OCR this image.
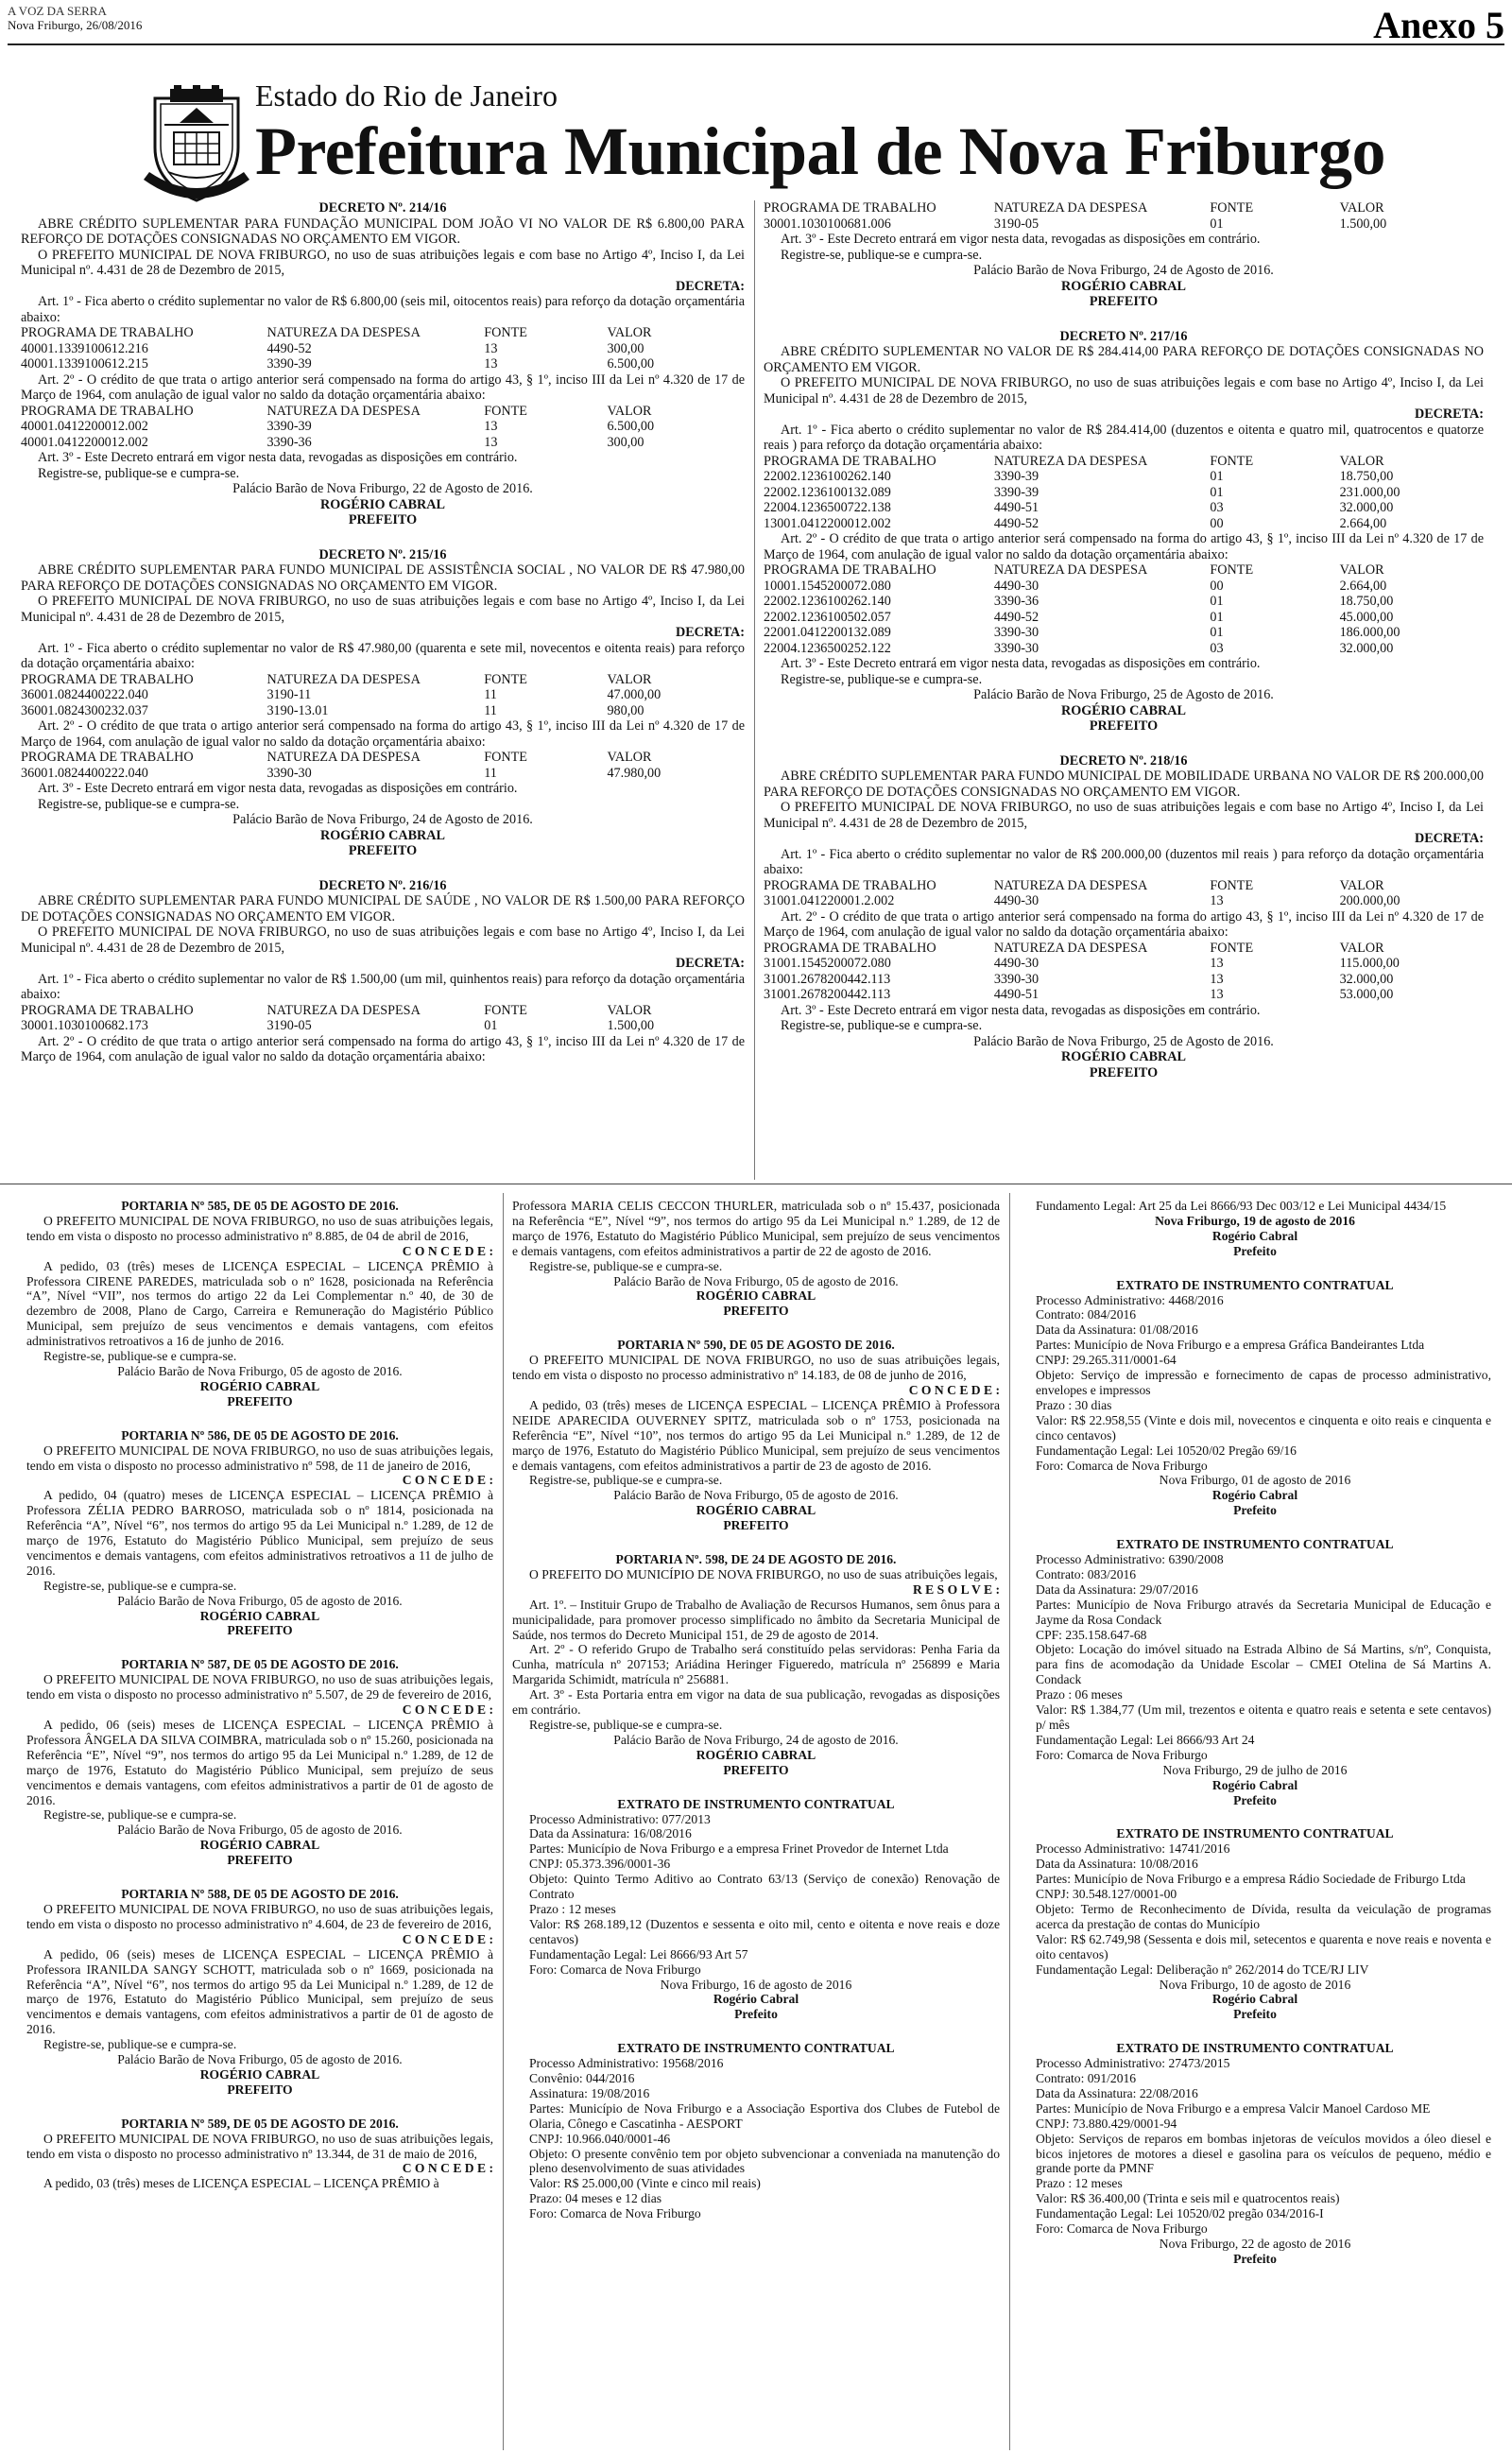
A VOZ DA SERRA
Nova Friburgo, 26/08/2016	Anexo 5
Estado do Rio de Janeiro
Prefeitura Municipal de Nova Friburgo

DECRETO Nº. 214/16

ABRE CRÉDITO SUPLEMENTAR PARA FUNDAÇÃO MUNICIPAL DOM JOÃO VI NO VALOR DE R$ 6.800,00 PARA REFORÇO DE DOTAÇÕES CONSIGNADAS NO ORÇAMENTO EM VIGOR.

O PREFEITO MUNICIPAL DE NOVA FRIBURGO, no uso de suas atribuições legais e com base no Artigo 4º, Inciso I, da Lei Municipal nº. 4.431 de 28 de Dezembro de 2015,

DECRETA:

Art. 1º - Fica aberto o crédito suplementar no valor de R$ 6.800,00 (seis mil, oitocentos reais) para reforço da dotação orçamentária abaixo:

PROGRAMA DE TRABALHO	NATUREZA DA DESPESA	FONTE	VALOR
40001.1339100612.216	4490-52	13	300,00
40001.1339100612.215	3390-39	13	6.500,00

Art. 2º - O crédito de que trata o artigo anterior será compensado na forma do artigo 43, § 1º, inciso III da Lei nº 4.320 de 17 de Março de 1964, com anulação de igual valor no saldo da dotação orçamentária abaixo:

PROGRAMA DE TRABALHO	NATUREZA DA DESPESA	FONTE	VALOR
40001.0412200012.002	3390-39	13	6.500,00
40001.0412200012.002	3390-36	13	300,00

Art. 3º - Este Decreto entrará em vigor nesta data, revogadas as disposições em contrário.

Registre-se, publique-se e cumpra-se.

Palácio Barão de Nova Friburgo, 22 de Agosto de 2016.

ROGÉRIO CABRAL

PREFEITO

DECRETO Nº. 215/16

ABRE CRÉDITO SUPLEMENTAR PARA FUNDO MUNICIPAL DE ASSISTÊNCIA SOCIAL , NO VALOR DE R$ 47.980,00 PARA REFORÇO DE DOTAÇÕES CONSIGNADAS NO ORÇAMENTO EM VIGOR.

O PREFEITO MUNICIPAL DE NOVA FRIBURGO, no uso de suas atribuições legais e com base no Artigo 4º, Inciso I, da Lei Municipal nº. 4.431 de 28 de Dezembro de 2015,

DECRETA:

Art. 1º - Fica aberto o crédito suplementar no valor de R$ 47.980,00 (quarenta e sete mil, novecentos e oitenta reais) para reforço da dotação orçamentária abaixo:

PROGRAMA DE TRABALHO	NATUREZA DA DESPESA	FONTE	VALOR
36001.0824400222.040	3190-11	11	47.000,00
36001.0824300232.037	3190-13.01	11	980,00

Art. 2º - O crédito de que trata o artigo anterior será compensado na forma do artigo 43, § 1º, inciso III da Lei nº 4.320 de 17 de Março de 1964, com anulação de igual valor no saldo da dotação orçamentária abaixo:

PROGRAMA DE TRABALHO	NATUREZA DA DESPESA	FONTE	VALOR
36001.0824400222.040	3390-30	11	47.980,00

Art. 3º - Este Decreto entrará em vigor nesta data, revogadas as disposições em contrário.

Registre-se, publique-se e cumpra-se.

Palácio Barão de Nova Friburgo, 24 de Agosto de 2016.

ROGÉRIO CABRAL

PREFEITO

DECRETO Nº. 216/16

ABRE CRÉDITO SUPLEMENTAR PARA FUNDO MUNICIPAL DE SAÚDE , NO VALOR DE R$ 1.500,00 PARA REFORÇO DE DOTAÇÕES CONSIGNADAS NO ORÇAMENTO EM VIGOR.

O PREFEITO MUNICIPAL DE NOVA FRIBURGO, no uso de suas atribuições legais e com base no Artigo 4º, Inciso I, da Lei Municipal nº. 4.431 de 28 de Dezembro de 2015,

DECRETA:

Art. 1º - Fica aberto o crédito suplementar no valor de R$ 1.500,00 (um mil, quinhentos reais) para reforço da dotação orçamentária abaixo:

PROGRAMA DE TRABALHO	NATUREZA DA DESPESA	FONTE	VALOR
30001.1030100682.173	3190-05	01	1.500,00

Art. 2º - O crédito de que trata o artigo anterior será compensado na forma do artigo 43, § 1º, inciso III da Lei nº 4.320 de 17 de Março de 1964, com anulação de igual valor no saldo da dotação orçamentária abaixo:

PROGRAMA DE TRABALHO	NATUREZA DA DESPESA	FONTE	VALOR
30001.1030100681.006	3190-05	01	1.500,00

Art. 3º - Este Decreto entrará em vigor nesta data, revogadas as disposições em contrário.

Registre-se, publique-se e cumpra-se.

Palácio Barão de Nova Friburgo, 24 de Agosto de 2016.

ROGÉRIO CABRAL

PREFEITO

DECRETO Nº. 217/16

ABRE CRÉDITO SUPLEMENTAR NO VALOR DE R$ 284.414,00 PARA REFORÇO DE DOTAÇÕES CONSIGNADAS NO ORÇAMENTO EM VIGOR.

O PREFEITO MUNICIPAL DE NOVA FRIBURGO, no uso de suas atribuições legais e com base no Artigo 4º, Inciso I, da Lei Municipal nº. 4.431 de 28 de Dezembro de 2015,

DECRETA:

Art. 1º - Fica aberto o crédito suplementar no valor de R$ 284.414,00 (duzentos e oitenta e quatro mil, quatrocentos e quatorze reais ) para reforço da dotação orçamentária abaixo:

PROGRAMA DE TRABALHO	NATUREZA DA DESPESA	FONTE	VALOR
22002.1236100262.140	3390-39	01	18.750,00
22002.1236100132.089	3390-39	01	231.000,00
22004.1236500722.138	4490-51	03	32.000,00
13001.0412200012.002	4490-52	00	2.664,00

Art. 2º - O crédito de que trata o artigo anterior será compensado na forma do artigo 43, § 1º, inciso III da Lei nº 4.320 de 17 de Março de 1964, com anulação de igual valor no saldo da dotação orçamentária abaixo:

PROGRAMA DE TRABALHO	NATUREZA DA DESPESA	FONTE	VALOR
10001.1545200072.080	4490-30	00	2.664,00
22002.1236100262.140	3390-36	01	18.750,00
22002.1236100502.057	4490-52	01	45.000,00
22001.0412200132.089	3390-30	01	186.000,00
22004.1236500252.122	3390-30	03	32.000,00

Art. 3º - Este Decreto entrará em vigor nesta data, revogadas as disposições em contrário.

Registre-se, publique-se e cumpra-se.

Palácio Barão de Nova Friburgo, 25 de Agosto de 2016.

ROGÉRIO CABRAL

PREFEITO

DECRETO Nº. 218/16

ABRE CRÉDITO SUPLEMENTAR PARA FUNDO MUNICIPAL DE MOBILIDADE URBANA NO VALOR DE R$ 200.000,00 PARA REFORÇO DE DOTAÇÕES CONSIGNADAS NO ORÇAMENTO EM VIGOR.

O PREFEITO MUNICIPAL DE NOVA FRIBURGO, no uso de suas atribuições legais e com base no Artigo 4º, Inciso I, da Lei Municipal nº. 4.431 de 28 de Dezembro de 2015,

DECRETA:

Art. 1º - Fica aberto o crédito suplementar no valor de R$ 200.000,00 (duzentos mil reais ) para reforço da dotação orçamentária abaixo:

PROGRAMA DE TRABALHO	NATUREZA DA DESPESA	FONTE	VALOR
31001.041220001.2.002	4490-30	13	200.000,00

Art. 2º - O crédito de que trata o artigo anterior será compensado na forma do artigo 43, § 1º, inciso III da Lei nº 4.320 de 17 de Março de 1964, com anulação de igual valor no saldo da dotação orçamentária abaixo:

PROGRAMA DE TRABALHO	NATUREZA DA DESPESA	FONTE	VALOR
31001.1545200072.080	4490-30	13	115.000,00
31001.2678200442.113	3390-30	13	32.000,00
31001.2678200442.113	4490-51	13	53.000,00

Art. 3º - Este Decreto entrará em vigor nesta data, revogadas as disposições em contrário.

Registre-se, publique-se e cumpra-se.

Palácio Barão de Nova Friburgo, 25 de Agosto de 2016.

ROGÉRIO CABRAL

PREFEITO

PORTARIA Nº 585, DE 05 DE AGOSTO DE 2016.

O PREFEITO MUNICIPAL DE NOVA FRIBURGO, no uso de suas atribuições legais, tendo em vista o disposto no processo administrativo nº 8.885, de 04 de abril de 2016,

C O N C E D E :

A pedido, 03 (três) meses de LICENÇA ESPECIAL – LICENÇA PRÊMIO à Professora CIRENE PAREDES, matriculada sob o nº 1628, posicionada na Referência “A”, Nível “VII”, nos termos do artigo 22 da Lei Complementar n.º 40, de 30 de dezembro de 2008, Plano de Cargo, Carreira e Remuneração do Magistério Público Municipal, sem prejuízo de seus vencimentos e demais vantagens, com efeitos administrativos retroativos a 16 de junho de 2016.

Registre-se, publique-se e cumpra-se.

Palácio Barão de Nova Friburgo, 05 de agosto de 2016.

ROGÉRIO CABRAL

PREFEITO

PORTARIA Nº 586, DE 05 DE AGOSTO DE 2016.

O PREFEITO MUNICIPAL DE NOVA FRIBURGO, no uso de suas atribuições legais, tendo em vista o disposto no processo administrativo nº 598, de 11 de janeiro de 2016,

C O N C E D E :

A pedido, 04 (quatro) meses de LICENÇA ESPECIAL – LICENÇA PRÊMIO à Professora ZÉLIA PEDRO BARROSO, matriculada sob o nº 1814, posicionada na Referência “A”, Nível “6”, nos termos do artigo 95 da Lei Municipal n.º 1.289, de 12 de março de 1976, Estatuto do Magistério Público Municipal, sem prejuízo de seus vencimentos e demais vantagens, com efeitos administrativos retroativos a 11 de julho de 2016.

Registre-se, publique-se e cumpra-se.

Palácio Barão de Nova Friburgo, 05 de agosto de 2016.

ROGÉRIO CABRAL

PREFEITO

PORTARIA Nº 587, DE 05 DE AGOSTO DE 2016.

O PREFEITO MUNICIPAL DE NOVA FRIBURGO, no uso de suas atribuições legais, tendo em vista o disposto no processo administrativo nº 5.507, de 29 de fevereiro de 2016,

C O N C E D E :

A pedido, 06 (seis) meses de LICENÇA ESPECIAL – LICENÇA PRÊMIO à Professora ÂNGELA DA SILVA COIMBRA, matriculada sob o nº 15.260, posicionada na Referência “E”, Nível “9”, nos termos do artigo 95 da Lei Municipal n.º 1.289, de 12 de março de 1976, Estatuto do Magistério Público Municipal, sem prejuízo de seus vencimentos e demais vantagens, com efeitos administrativos a partir de 01 de agosto de 2016.

Registre-se, publique-se e cumpra-se.

Palácio Barão de Nova Friburgo, 05 de agosto de 2016.

ROGÉRIO CABRAL

PREFEITO

PORTARIA Nº 588, DE 05 DE AGOSTO DE 2016.

O PREFEITO MUNICIPAL DE NOVA FRIBURGO, no uso de suas atribuições legais, tendo em vista o disposto no processo administrativo nº 4.604, de 23 de fevereiro de 2016,

C O N C E D E :

A pedido, 06 (seis) meses de LICENÇA ESPECIAL – LICENÇA PRÊMIO à Professora IRANILDA SANGY SCHOTT, matriculada sob o nº 1669, posicionada na Referência “A”, Nível “6”, nos termos do artigo 95 da Lei Municipal n.º 1.289, de 12 de março de 1976, Estatuto do Magistério Público Municipal, sem prejuízo de seus vencimentos e demais vantagens, com efeitos administrativos a partir de 01 de agosto de 2016.

Registre-se, publique-se e cumpra-se.

Palácio Barão de Nova Friburgo, 05 de agosto de 2016.

ROGÉRIO CABRAL

PREFEITO

PORTARIA Nº 589, DE 05 DE AGOSTO DE 2016.

O PREFEITO MUNICIPAL DE NOVA FRIBURGO, no uso de suas atribuições legais, tendo em vista o disposto no processo administrativo nº 13.344, de 31 de maio de 2016,

C O N C E D E :

A pedido, 03 (três) meses de LICENÇA ESPECIAL – LICENÇA PRÊMIO à

Professora MARIA CELIS CECCON THURLER, matriculada sob o nº 15.437, posicionada na Referência “E”, Nível “9”, nos termos do artigo 95 da Lei Municipal n.º 1.289, de 12 de março de 1976, Estatuto do Magistério Público Municipal, sem prejuízo de seus vencimentos e demais vantagens, com efeitos administrativos a partir de 22 de agosto de 2016.

Registre-se, publique-se e cumpra-se.

Palácio Barão de Nova Friburgo, 05 de agosto de 2016.

ROGÉRIO CABRAL

PREFEITO

PORTARIA Nº 590, DE 05 DE AGOSTO DE 2016.

O PREFEITO MUNICIPAL DE NOVA FRIBURGO, no uso de suas atribuições legais, tendo em vista o disposto no processo administrativo nº 14.183, de 08 de junho de 2016,

C O N C E D E :

A pedido, 03 (três) meses de LICENÇA ESPECIAL – LICENÇA PRÊMIO à Professora NEIDE APARECIDA OUVERNEY SPITZ, matriculada sob o nº 1753, posicionada na Referência “E”, Nível “10”, nos termos do artigo 95 da Lei Municipal n.º 1.289, de 12 de março de 1976, Estatuto do Magistério Público Municipal, sem prejuízo de seus vencimentos e demais vantagens, com efeitos administrativos a partir de 23 de agosto de 2016.

Registre-se, publique-se e cumpra-se.

Palácio Barão de Nova Friburgo, 05 de agosto de 2016.

ROGÉRIO CABRAL

PREFEITO

PORTARIA Nº. 598, DE 24 DE AGOSTO DE 2016.

O PREFEITO DO MUNICÍPIO DE NOVA FRIBURGO, no uso de suas atribuições legais,

R E S O L V E :

Art. 1º. – Instituir Grupo de Trabalho de Avaliação de Recursos Humanos, sem ônus para a municipalidade, para promover processo simplificado no âmbito da Secretaria Municipal de Saúde, nos termos do Decreto Municipal 151, de 29 de agosto de 2014.

Art. 2º - O referido Grupo de Trabalho será constituído pelas servidoras: Penha Faria da Cunha, matrícula nº 207153; Ariádina Heringer Figueredo, matrícula nº 256899 e Maria Margarida Schimidt, matrícula nº 256881.

Art. 3º - Esta Portaria entra em vigor na data de sua publicação, revogadas as disposições em contrário.

Registre-se, publique-se e cumpra-se.

Palácio Barão de Nova Friburgo, 24 de agosto de 2016.

ROGÉRIO CABRAL

PREFEITO

EXTRATO DE INSTRUMENTO CONTRATUAL

Processo Administrativo: 077/2013

Data da Assinatura: 16/08/2016

Partes: Município de Nova Friburgo e a empresa Frinet Provedor de Internet Ltda

CNPJ: 05.373.396/0001-36

Objeto: Quinto Termo Aditivo ao Contrato 63/13 (Serviço de conexão) Renovação de Contrato

Prazo : 12 meses

Valor: R$ 268.189,12 (Duzentos e sessenta e oito mil, cento e oitenta e nove reais e doze centavos)

Fundamentação Legal: Lei 8666/93 Art 57

Foro: Comarca de Nova Friburgo

Nova Friburgo, 16 de agosto de 2016

Rogério Cabral

Prefeito

EXTRATO DE INSTRUMENTO CONTRATUAL

Processo Administrativo: 19568/2016

Convênio: 044/2016

Assinatura: 19/08/2016

Partes: Município de Nova Friburgo e a Associação Esportiva dos Clubes de Futebol de Olaria, Cônego e Cascatinha - AESPORT

CNPJ: 10.966.040/0001-46

Objeto: O presente convênio tem por objeto subvencionar a conveniada na manutenção do pleno desenvolvimento de suas atividades

Valor: R$ 25.000,00 (Vinte e cinco mil reais)

Prazo: 04 meses e 12 dias

Foro: Comarca de Nova Friburgo

Fundamento Legal: Art 25 da Lei 8666/93 Dec 003/12 e Lei Municipal 4434/15

Nova Friburgo, 19 de agosto de 2016

Rogério Cabral

Prefeito

EXTRATO DE INSTRUMENTO CONTRATUAL

Processo Administrativo: 4468/2016

Contrato: 084/2016

Data da Assinatura: 01/08/2016

Partes: Município de Nova Friburgo e a empresa Gráfica Bandeirantes Ltda

CNPJ: 29.265.311/0001-64

Objeto: Serviço de impressão e fornecimento de capas de processo administrativo, envelopes e impressos

Prazo : 30 dias

Valor: R$ 22.958,55 (Vinte e dois mil, novecentos e cinquenta e oito reais e cinquenta e cinco centavos)

Fundamentação Legal: Lei 10520/02 Pregão 69/16

Foro: Comarca de Nova Friburgo

Nova Friburgo, 01 de agosto de 2016

Rogério Cabral

Prefeito

EXTRATO DE INSTRUMENTO CONTRATUAL

Processo Administrativo: 6390/2008

Contrato: 083/2016

Data da Assinatura: 29/07/2016

Partes: Município de Nova Friburgo através da Secretaria Municipal de Educação e Jayme da Rosa Condack

CPF: 235.158.647-68

Objeto: Locação do imóvel situado na Estrada Albino de Sá Martins, s/nº, Conquista, para fins de acomodação da Unidade Escolar – CMEI Otelina de Sá Martins A. Condack

Prazo : 06 meses

Valor: R$ 1.384,77 (Um mil, trezentos e oitenta e quatro reais e setenta e sete centavos) p/ mês

Fundamentação Legal: Lei 8666/93 Art 24

Foro: Comarca de Nova Friburgo

Nova Friburgo, 29 de julho de 2016

Rogério Cabral

Prefeito

EXTRATO DE INSTRUMENTO CONTRATUAL

Processo Administrativo: 14741/2016

Data da Assinatura: 10/08/2016

Partes: Município de Nova Friburgo e a empresa Rádio Sociedade de Friburgo Ltda

CNPJ: 30.548.127/0001-00

Objeto: Termo de Reconhecimento de Dívida, resulta da veiculação de programas acerca da prestação de contas do Município

Valor: R$ 62.749,98 (Sessenta e dois mil, setecentos e quarenta e nove reais e noventa e oito centavos)

Fundamentação Legal: Deliberação nº 262/2014 do TCE/RJ LIV

Nova Friburgo, 10 de agosto de 2016

Rogério Cabral

Prefeito

EXTRATO DE INSTRUMENTO CONTRATUAL

Processo Administrativo: 27473/2015

Contrato: 091/2016

Data da Assinatura: 22/08/2016

Partes: Município de Nova Friburgo e a empresa Valcir Manoel Cardoso ME

CNPJ: 73.880.429/0001-94

Objeto: Serviços de reparos em bombas injetoras de veículos movidos a óleo diesel e bicos injetores de motores a diesel e gasolina para os veículos de pequeno, médio e grande porte da PMNF

Prazo : 12 meses

Valor: R$ 36.400,00 (Trinta e seis mil e quatrocentos reais)

Fundamentação Legal: Lei 10520/02 pregão 034/2016-I

Foro: Comarca de Nova Friburgo

Nova Friburgo, 22 de agosto de 2016

Prefeito
